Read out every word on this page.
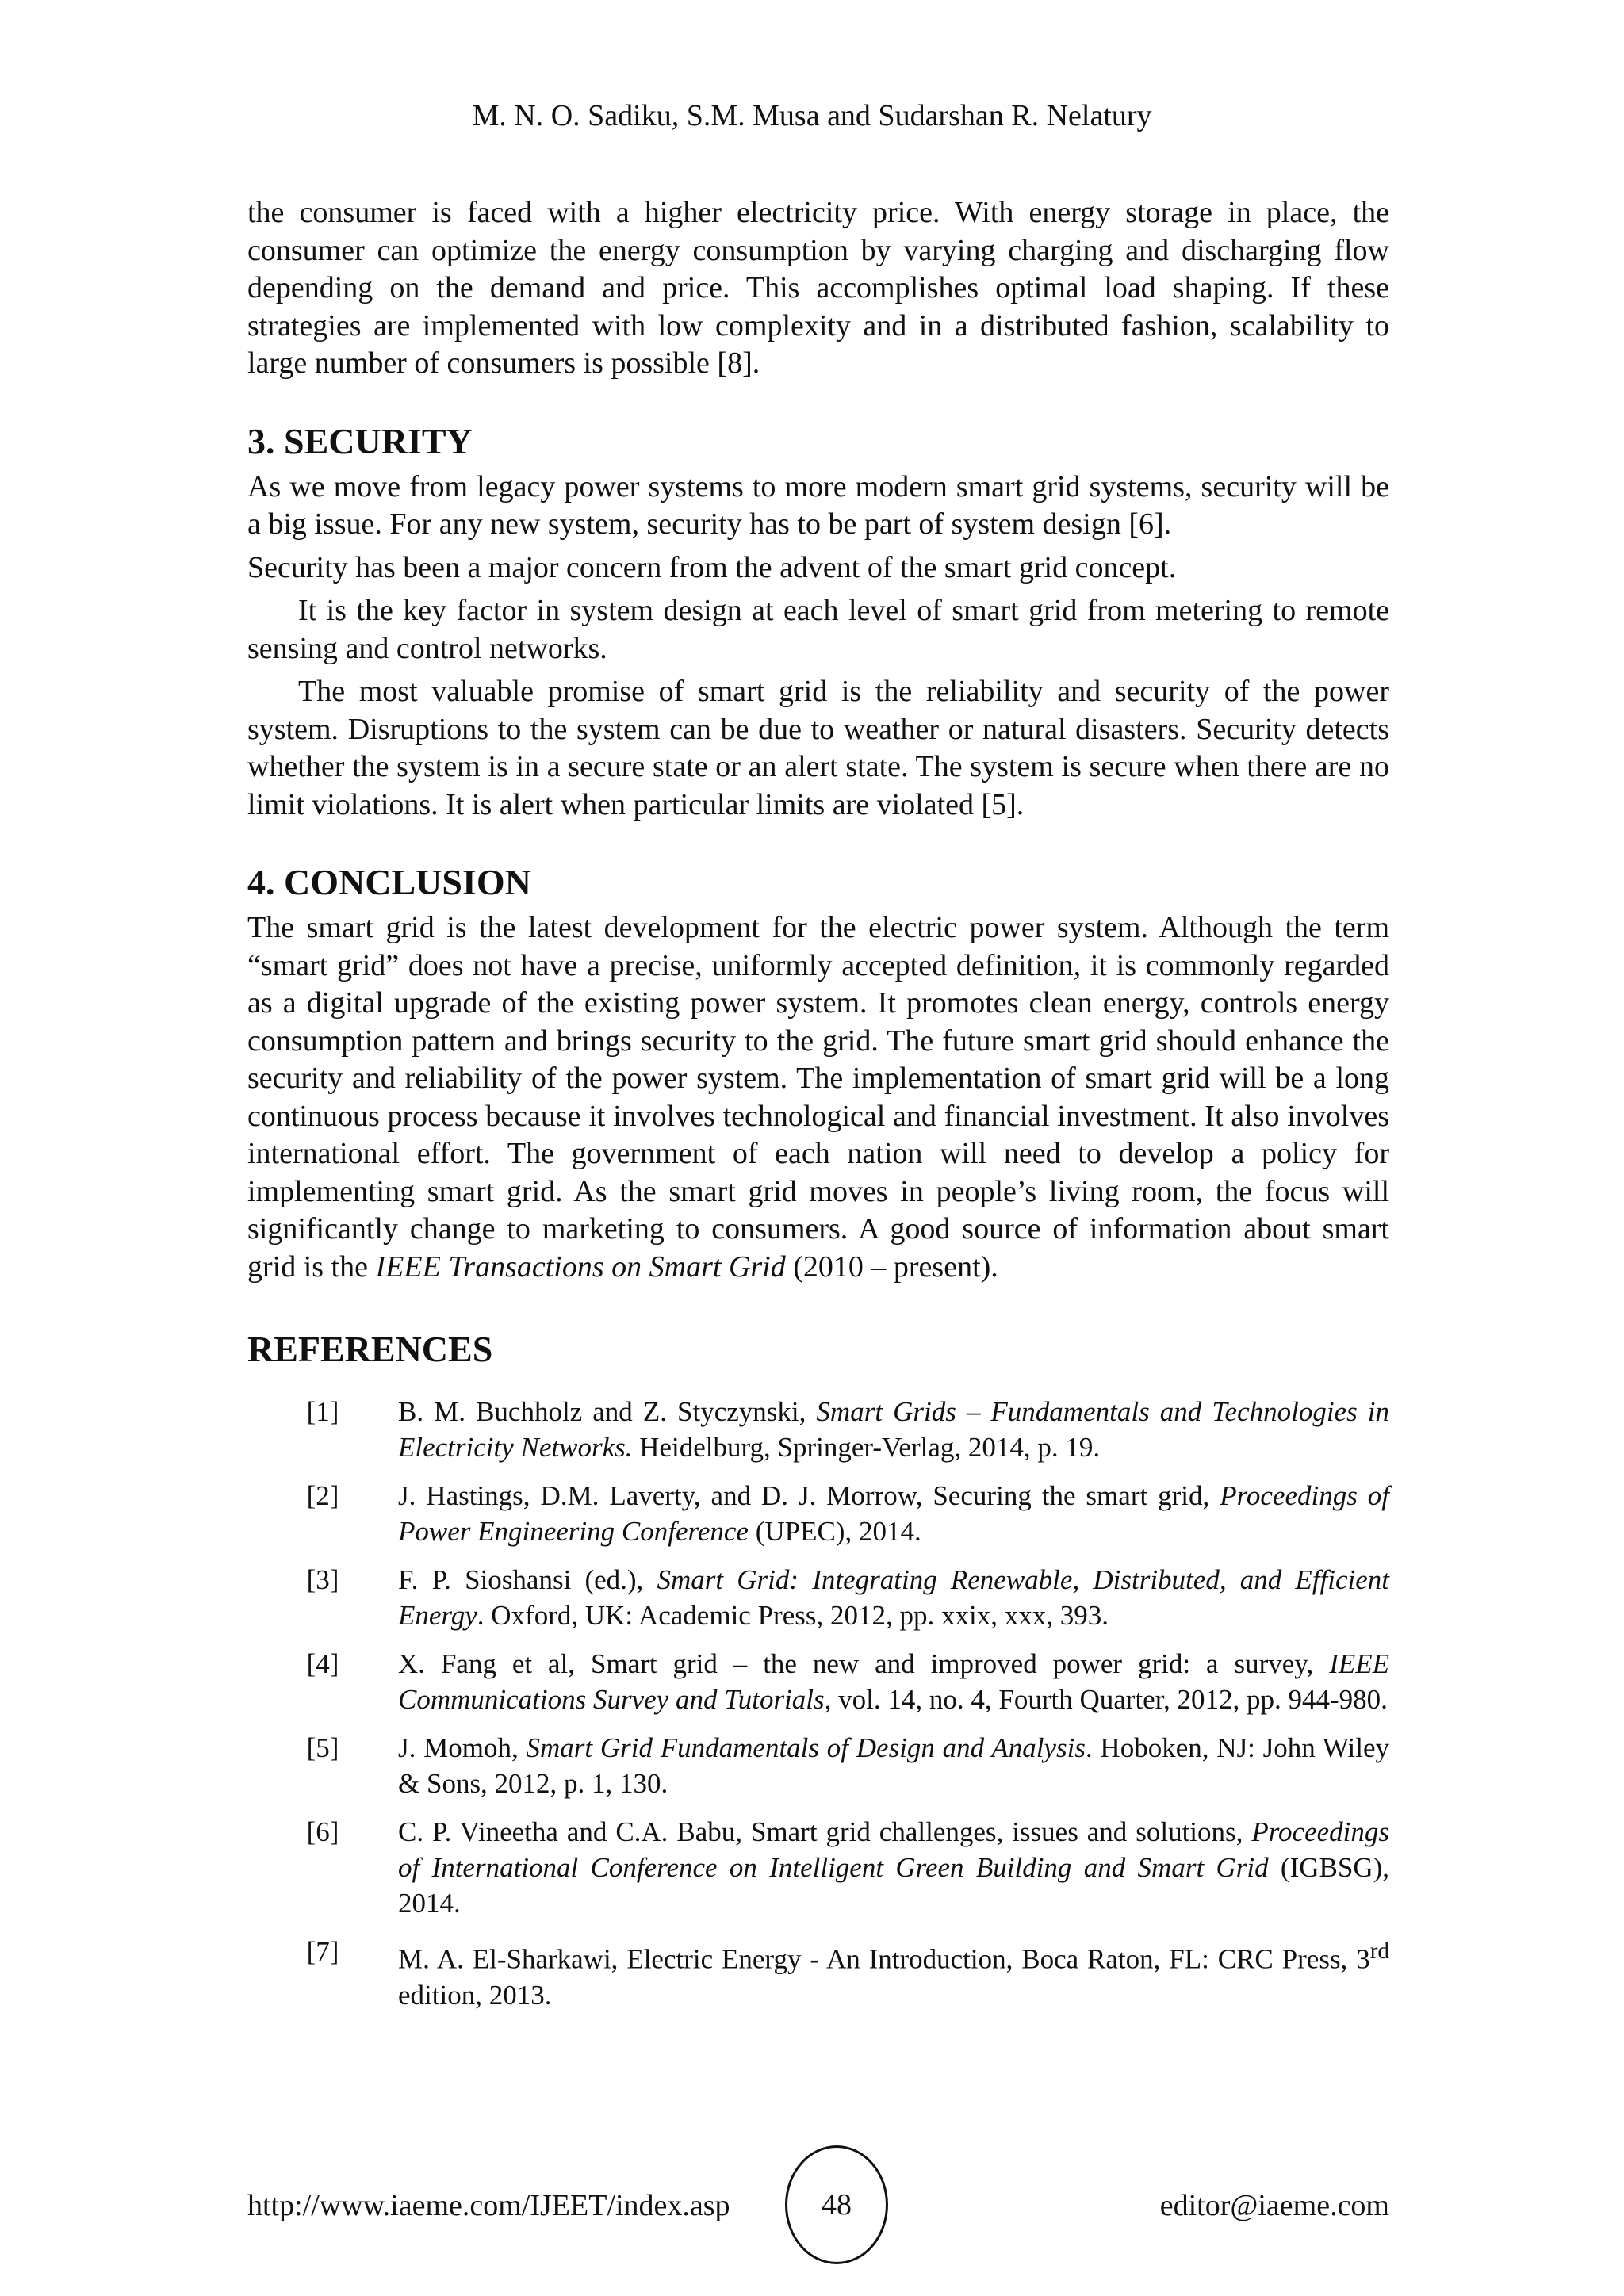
M. N. O. Sadiku, S.M. Musa and Sudarshan R. Nelatury

the consumer is faced with a higher electricity price. With energy storage in place, the consumer can optimize the energy consumption by varying charging and discharging flow depending on the demand and price. This accomplishes optimal load shaping. If these strategies are implemented with low complexity and in a distributed fashion, scalability to large number of consumers is possible [8].

3. SECURITY

As we move from legacy power systems to more modern smart grid systems, security will be a big issue. For any new system, security has to be part of system design [6].

Security has been a major concern from the advent of the smart grid concept.

It is the key factor in system design at each level of smart grid from metering to remote sensing and control networks.

The most valuable promise of smart grid is the reliability and security of the power system. Disruptions to the system can be due to weather or natural disasters. Security detects whether the system is in a secure state or an alert state. The system is secure when there are no limit violations. It is alert when particular limits are violated [5].

4. CONCLUSION

The smart grid is the latest development for the electric power system. Although the term “smart grid” does not have a precise, uniformly accepted definition, it is commonly regarded as a digital upgrade of the existing power system. It promotes clean energy, controls energy consumption pattern and brings security to the grid. The future smart grid should enhance the security and reliability of the power system. The implementation of smart grid will be a long continuous process because it involves technological and financial investment. It also involves international effort. The government of each nation will need to develop a policy for implementing smart grid. As the smart grid moves in people’s living room, the focus will significantly change to marketing to consumers. A good source of information about smart grid is the IEEE Transactions on Smart Grid (2010 – present).

REFERENCES
[1]	B. M. Buchholz and Z. Styczynski, Smart Grids – Fundamentals and Technologies in Electricity Networks. Heidelburg, Springer-Verlag, 2014, p. 19.
[2]	J. Hastings, D.M. Laverty, and D. J. Morrow, Securing the smart grid, Proceedings of Power Engineering Conference (UPEC), 2014.
[3]	F. P. Sioshansi (ed.), Smart Grid: Integrating Renewable, Distributed, and Efficient Energy. Oxford, UK: Academic Press, 2012, pp. xxix, xxx, 393.
[4]	X. Fang et al, Smart grid – the new and improved power grid: a survey, IEEE Communications Survey and Tutorials, vol. 14, no. 4, Fourth Quarter, 2012, pp. 944-980.
[5]	J. Momoh, Smart Grid Fundamentals of Design and Analysis. Hoboken, NJ: John Wiley & Sons, 2012, p. 1, 130.
[6]	C. P. Vineetha and C.A. Babu, Smart grid challenges, issues and solutions, Proceedings of International Conference on Intelligent Green Building and Smart Grid (IGBSG), 2014.
[7]	M. A. El-Sharkawi, Electric Energy - An Introduction, Boca Raton, FL: CRC Press, 3rd edition, 2013.
http://www.iaeme.com/IJEET/index.asp	48	editor@iaeme.com
